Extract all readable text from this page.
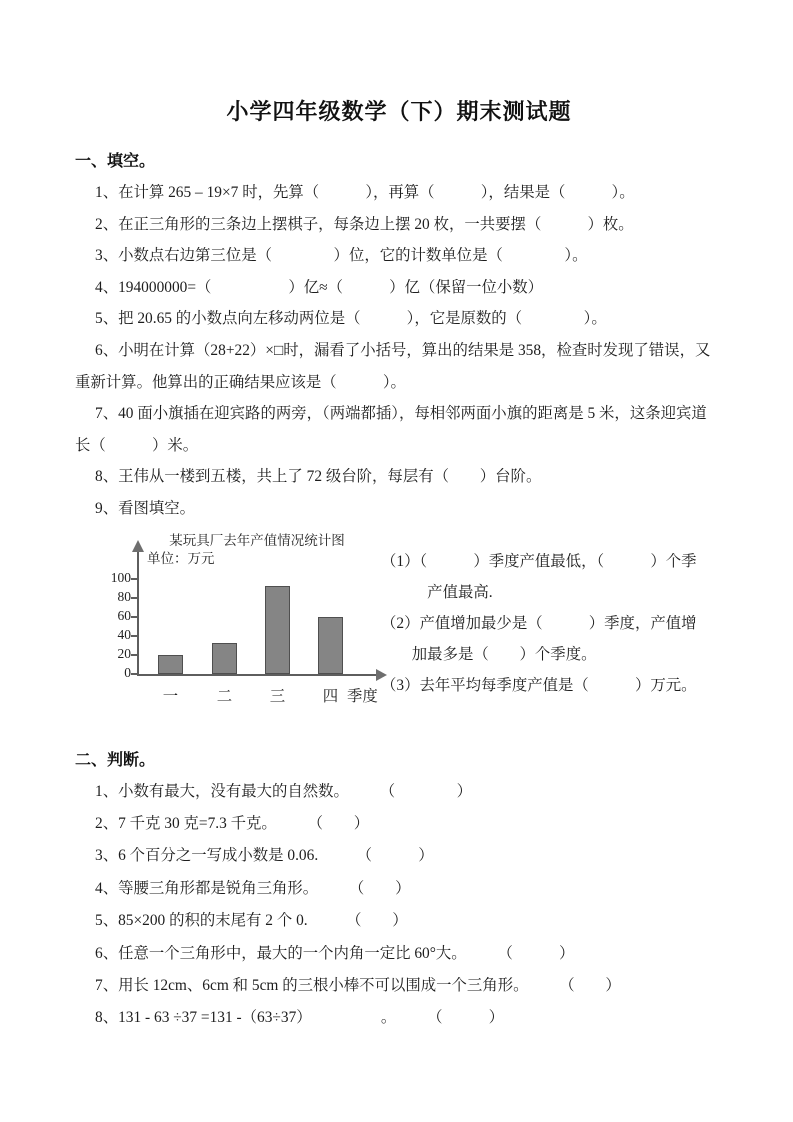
小学四年级数学（下）期末测试题
一、填空。

1、在计算 265 – 19×7 时，先算（　　　），再算（　　　），结果是（　　　）。

2、在正三角形的三条边上摆棋子，每条边上摆 20 枚，一共要摆（　　　）枚。

3、小数点右边第三位是（　　　　）位，它的计数单位是（　　　　）。

4、194000000=（　　　　　）亿≈（　　　）亿（保留一位小数）

5、把 20.65 的小数点向左移动两位是（　　　），它是原数的（　　　　）。

6、小明在计算（28+22）×□时，漏看了小括号，算出的结果是 358，检查时发现了错误，又重新计算。他算出的正确结果应该是（　　　）。

7、40 面小旗插在迎宾路的两旁，（两端都插），每相邻两面小旗的距离是 5 米，这条迎宾道长（　　　）米。

8、王伟从一楼到五楼，共上了 72 级台阶，每层有（　　）台阶。

9、看图填空。

某玩具厂去年产值情况统计图
单位：万元
季度
0
20
40
60
80
100
一	二	三	四
（1）（　　　）季度产值最低，（　　　）个季
　　　产值最高.
（2）产值增加最少是（　　　）季度，产值增
　　加最多是（　　）个季度。
（3）去年平均每季度产值是（　　　）万元。
二、判断。

1、小数有最大，没有最大的自然数。　　　（　　　　）

2、7 千克 30 克=7.3 千克。　　　（　　）

3、6 个百分之一写成小数是 0.06.　　　（　　　）

4、等腰三角形都是锐角三角形。　　　（　　）

5、85×200 的积的末尾有 2 个 0.　　　（　　）

6、任意一个三角形中，最大的一个内角一定比 60°大。　　　（　　　）

7、用长 12cm、6cm 和 5cm 的三根小棒不可以围成一个三角形。　　　（　　）

8、131 - 63 ÷37 =131 -（63÷37）　　　　　。　　　（　　　）
